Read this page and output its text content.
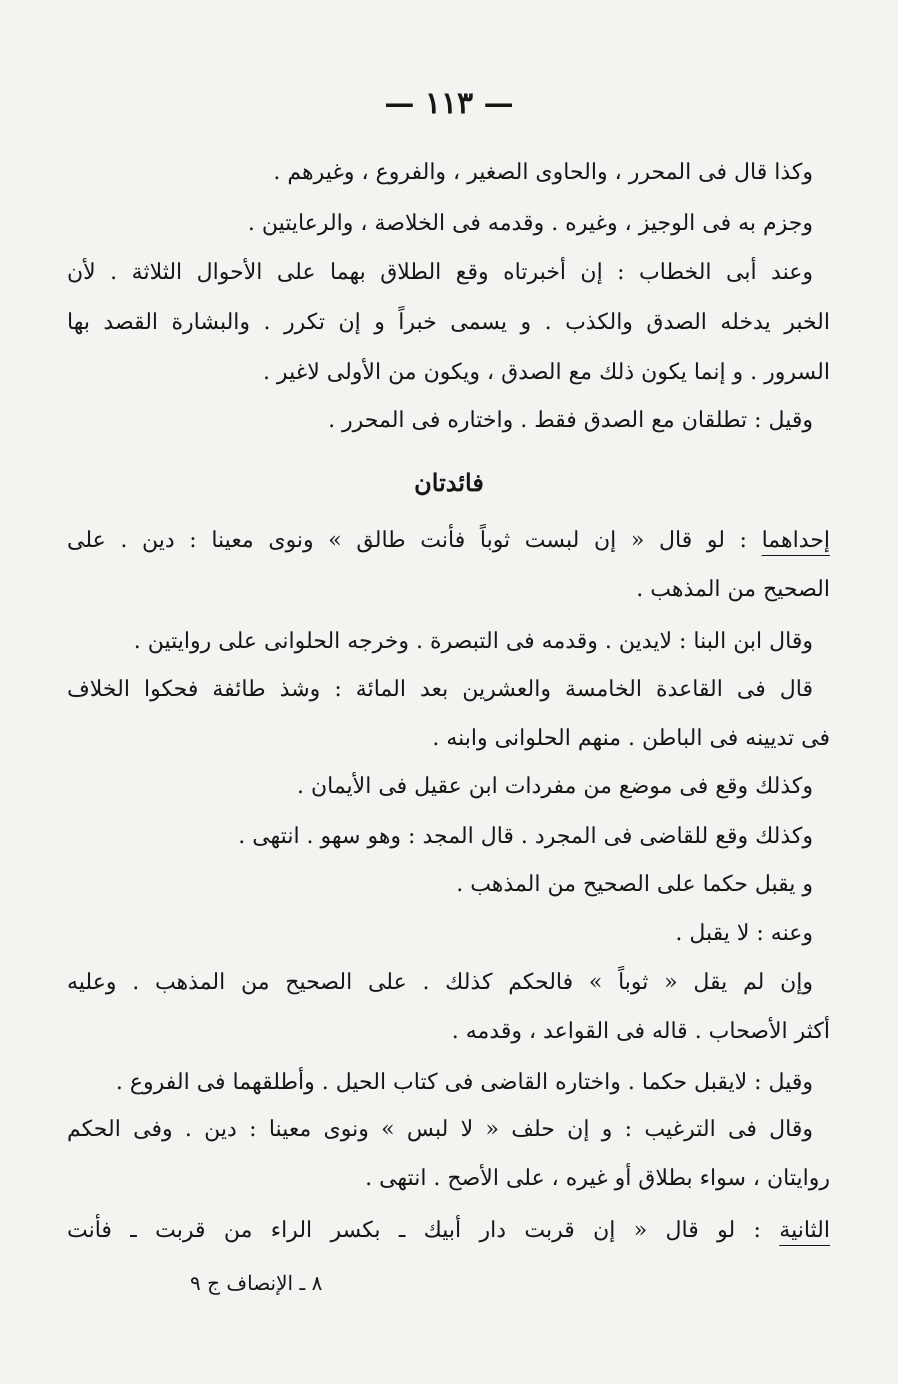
— ١١٣ —
وكذا قال فى المحرر ، والحاوى الصغير ، والفروع ، وغيرهم .
وجزم به فى الوجيز ، وغيره . وقدمه فى الخلاصة ، والرعايتين .
وعند أبى الخطاب : إن أخبرتاه وقع الطلاق بهما على الأحوال الثلاثة . لأن
الخبر يدخله الصدق والكذب . و يسمى خبراً و إن تكرر . والبشارة القصد بها
السرور . و إنما يكون ذلك مع الصدق ، ويكون من الأولى لاغير .
وقيل : تطلقان مع الصدق فقط . واختاره فى المحرر .
فائدتان
إحداهما : لو قال « إن لبست ثوباً فأنت طالق » ونوى معينا : دين . على
الصحيح من المذهب .
وقال ابن البنا : لايدين . وقدمه فى التبصرة . وخرجه الحلوانى على روايتين .
قال فى القاعدة الخامسة والعشرين بعد المائة : وشذ طائفة فحكوا الخلاف
فى تديينه فى الباطن . منهم الحلوانى وابنه .
وكذلك وقع فى موضع من مفردات ابن عقيل فى الأيمان .
وكذلك وقع للقاضى فى المجرد . قال المجد : وهو سهو . انتهى .
و يقبل حكما على الصحيح من المذهب .
وعنه : لا يقبل .
وإن لم يقل « ثوباً » فالحكم كذلك . على الصحيح من المذهب . وعليه
أكثر الأصحاب . قاله فى القواعد ، وقدمه .
وقيل : لايقبل حكما . واختاره القاضى فى كتاب الحيل . وأطلقهما فى الفروع .
وقال فى الترغيب : و إن حلف « لا لبس » ونوى معينا : دين . وفى الحكم
روايتان ، سواء بطلاق أو غيره ، على الأصح . انتهى .
الثانية : لو قال « إن قربت دار أبيك ـ بكسر الراء من قربت ـ فأنت
٨ ـ الإنصاف ج ٩
